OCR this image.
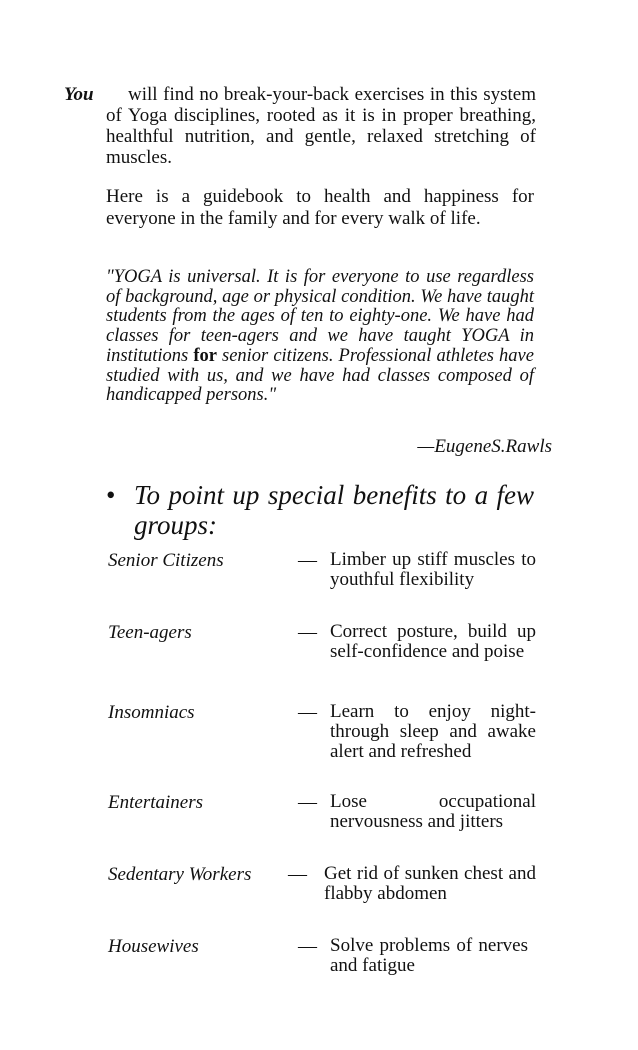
You	will find no break-your-back exercises in this system of Yoga disciplines, rooted as it is in proper breathing, healthful nutrition, and gentle, relaxed stretching of muscles.
Here is a guidebook to health and happiness for everyone in the family and for every walk of life.
"YOGA is universal. It is for everyone to use regardless of background, age or physical condition. We have taught students from the ages of ten to eighty-one. We have had classes for teen-agers and we have taught YOGA in institutions for senior citizens. Professional athletes have studied with us, and we have had classes composed of handicapped persons."
—EugeneS.Rawls
• To point up special benefits to a few groups:
Senior Citizens	— Limber up stiff muscles to youthful flexibility
Teen-agers	— Correct posture, build up self-confidence and poise
Insomniacs	— Learn to enjoy night-through sleep and awake alert and refreshed
Entertainers	— Lose occupational nervousness and jitters
Sedentary Workers — Get rid of sunken chest and flabby abdomen
Housewives	— Solve problems of nerves and fatigue
